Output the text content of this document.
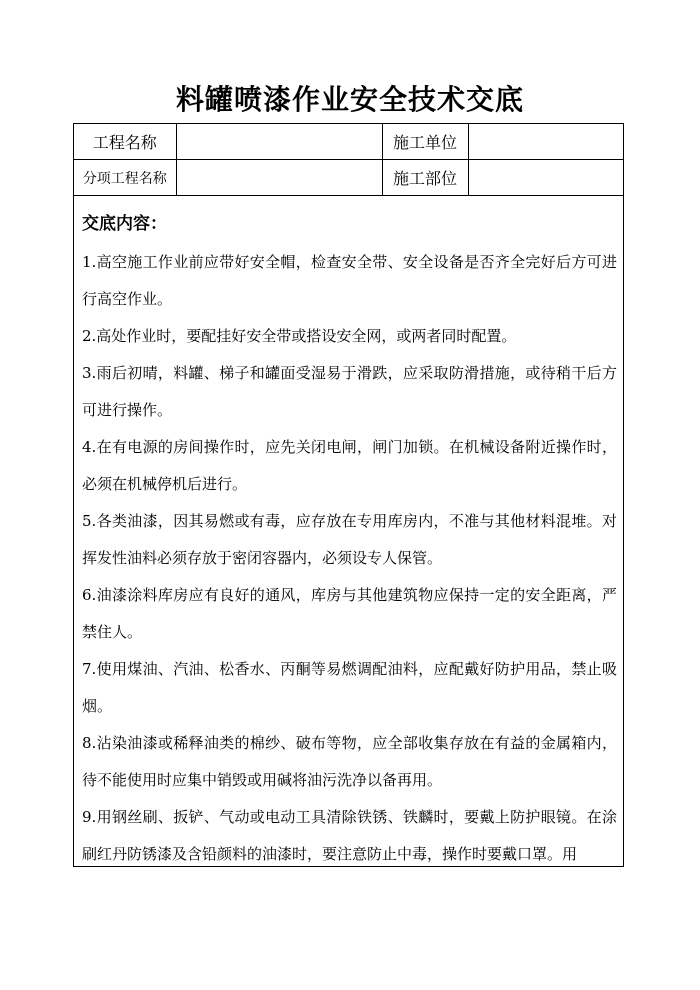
料罐喷漆作业安全技术交底
工程名称		施工单位	
分项工程名称		施工部位	

交底内容：

1.高空施工作业前应带好安全帽，检查安全带、安全设备是否齐全完好后方可进行高空作业。

2.高处作业时，要配挂好安全带或搭设安全网，或两者同时配置。

3.雨后初晴，料罐、梯子和罐面受湿易于滑跌，应采取防滑措施，或待稍干后方可进行操作。

4.在有电源的房间操作时，应先关闭电闸，闸门加锁。在机械设备附近操作时，必须在机械停机后进行。

5.各类油漆，因其易燃或有毒，应存放在专用库房内，不准与其他材料混堆。对挥发性油料必须存放于密闭容器内，必须设专人保管。

6.油漆涂料库房应有良好的通风，库房与其他建筑物应保持一定的安全距离，严禁住人。

7.使用煤油、汽油、松香水、丙酮等易燃调配油料，应配戴好防护用品，禁止吸烟。

8.沾染油漆或稀释油类的棉纱、破布等物，应全部收集存放在有益的金属箱内，待不能使用时应集中销毁或用碱将油污洗净以备再用。

9.用钢丝刷、扳铲、气动或电动工具清除铁锈、铁麟时，要戴上防护眼镜。在涂刷红丹防锈漆及含铅颜料的油漆时，要注意防止中毒，操作时要戴口罩。用
